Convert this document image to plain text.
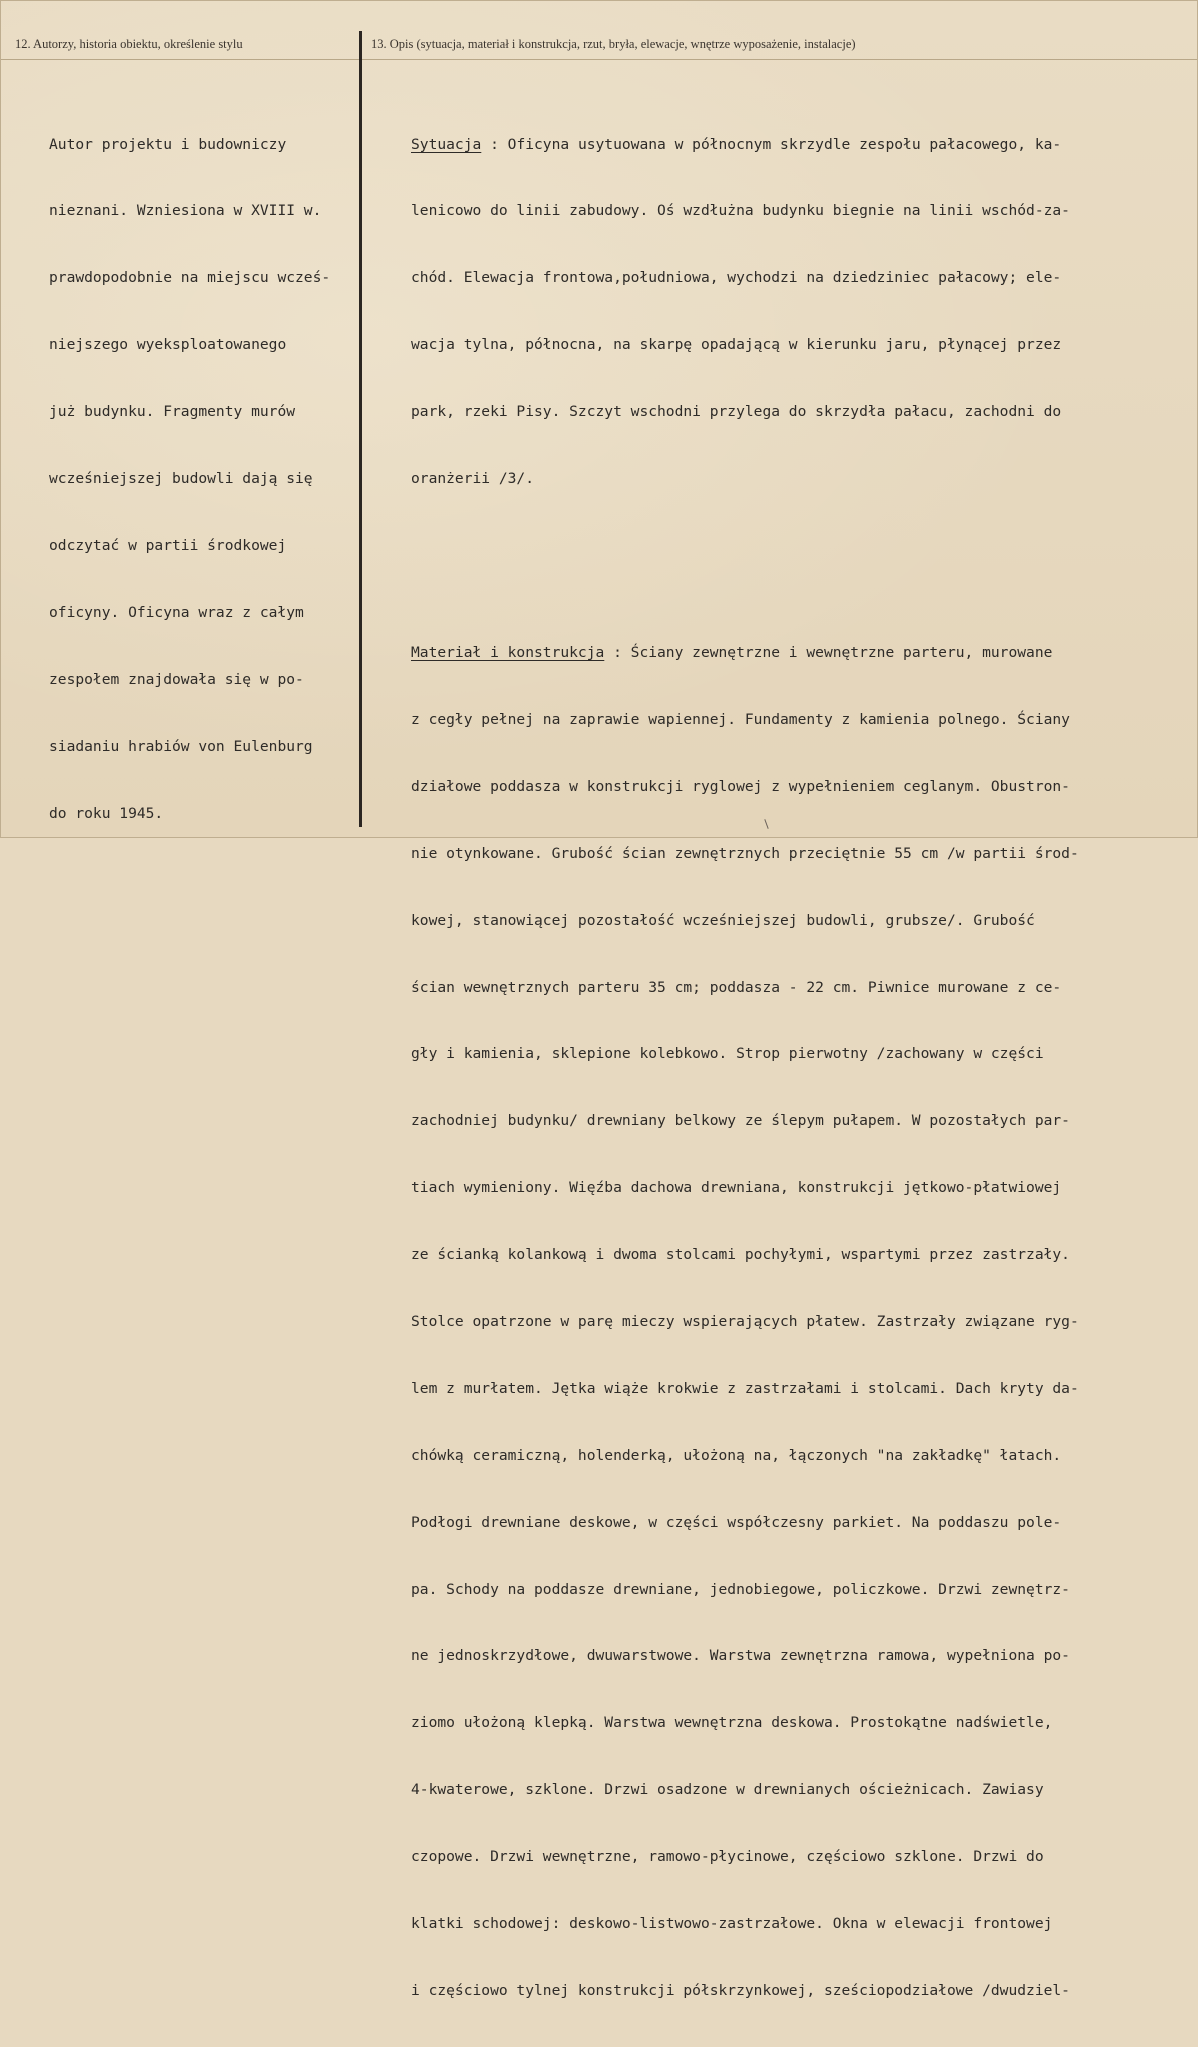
12. Autorzy, historia obiektu, określenie stylu	13. Opis (sytuacja, materiał i konstrukcja, rzut, bryła, elewacje, wnętrze wyposażenie, instalacje)

Autor projektu i budowniczy

nieznani. Wzniesiona w XVIII w.

prawdopodobnie na miejscu wcześ-

niejszego wyeksploatowanego

już budynku. Fragmenty murów

wcześniejszej budowli dają się

odczytać w partii środkowej

oficyny. Oficyna wraz z całym

zespołem znajdowała się w po-

siadaniu hrabiów von Eulenburg

do roku 1945.

Sytuacja : Oficyna usytuowana w północnym skrzydle zespołu pałacowego, ka-

lenicowo do linii zabudowy. Oś wzdłużna budynku biegnie na linii wschód-za-

chód. Elewacja frontowa,południowa, wychodzi na dziedziniec pałacowy; ele-

wacja tylna, północna, na skarpę opadającą w kierunku jaru, płynącej przez

park, rzeki Pisy. Szczyt wschodni przylega do skrzydła pałacu, zachodni do

oranżerii /3/.

Materiał i konstrukcja : Ściany zewnętrzne i wewnętrzne parteru, murowane

z cegły pełnej na zaprawie wapiennej. Fundamenty z kamienia polnego. Ściany

działowe poddasza w konstrukcji ryglowej z wypełnieniem ceglanym. Obustron-

nie otynkowane. Grubość ścian zewnętrznych przeciętnie 55 cm /w partii środ-

kowej, stanowiącej pozostałość wcześniejszej budowli, grubsze/. Grubość

ścian wewnętrznych parteru 35 cm; poddasza - 22 cm. Piwnice murowane z ce-

gły i kamienia, sklepione kolebkowo. Strop pierwotny /zachowany w części

zachodniej budynku/ drewniany belkowy ze ślepym pułapem. W pozostałych par-

tiach wymieniony. Więźba dachowa drewniana, konstrukcji jętkowo-płatwiowej

ze ścianką kolankową i dwoma stolcami pochyłymi, wspartymi przez zastrzały.

Stolce opatrzone w parę mieczy wspierających płatew. Zastrzały związane ryg-

lem z murłatem. Jętka wiąże krokwie z zastrzałami i stolcami. Dach kryty da-

chówką ceramiczną, holenderką, ułożoną na, łączonych "na zakładkę" łatach.

Podłogi drewniane deskowe, w części współczesny parkiet. Na poddaszu pole-

pa. Schody na poddasze drewniane, jednobiegowe, policzkowe. Drzwi zewnętrz-

ne jednoskrzydłowe, dwuwarstwowe. Warstwa zewnętrzna ramowa, wypełniona po-

ziomo ułożoną klepką. Warstwa wewnętrzna deskowa. Prostokątne nadświetle,

4-kwaterowe, szklone. Drzwi osadzone w drewnianych ościeżnicach. Zawiasy

czopowe. Drzwi wewnętrzne, ramowo-płycinowe, częściowo szklone. Drzwi do

klatki schodowej: deskowo-listwowo-zastrzałowe. Okna w elewacji frontowej

i częściowo tylnej konstrukcji półskrzynkowej, sześciopodziałowe /dwudziel-
